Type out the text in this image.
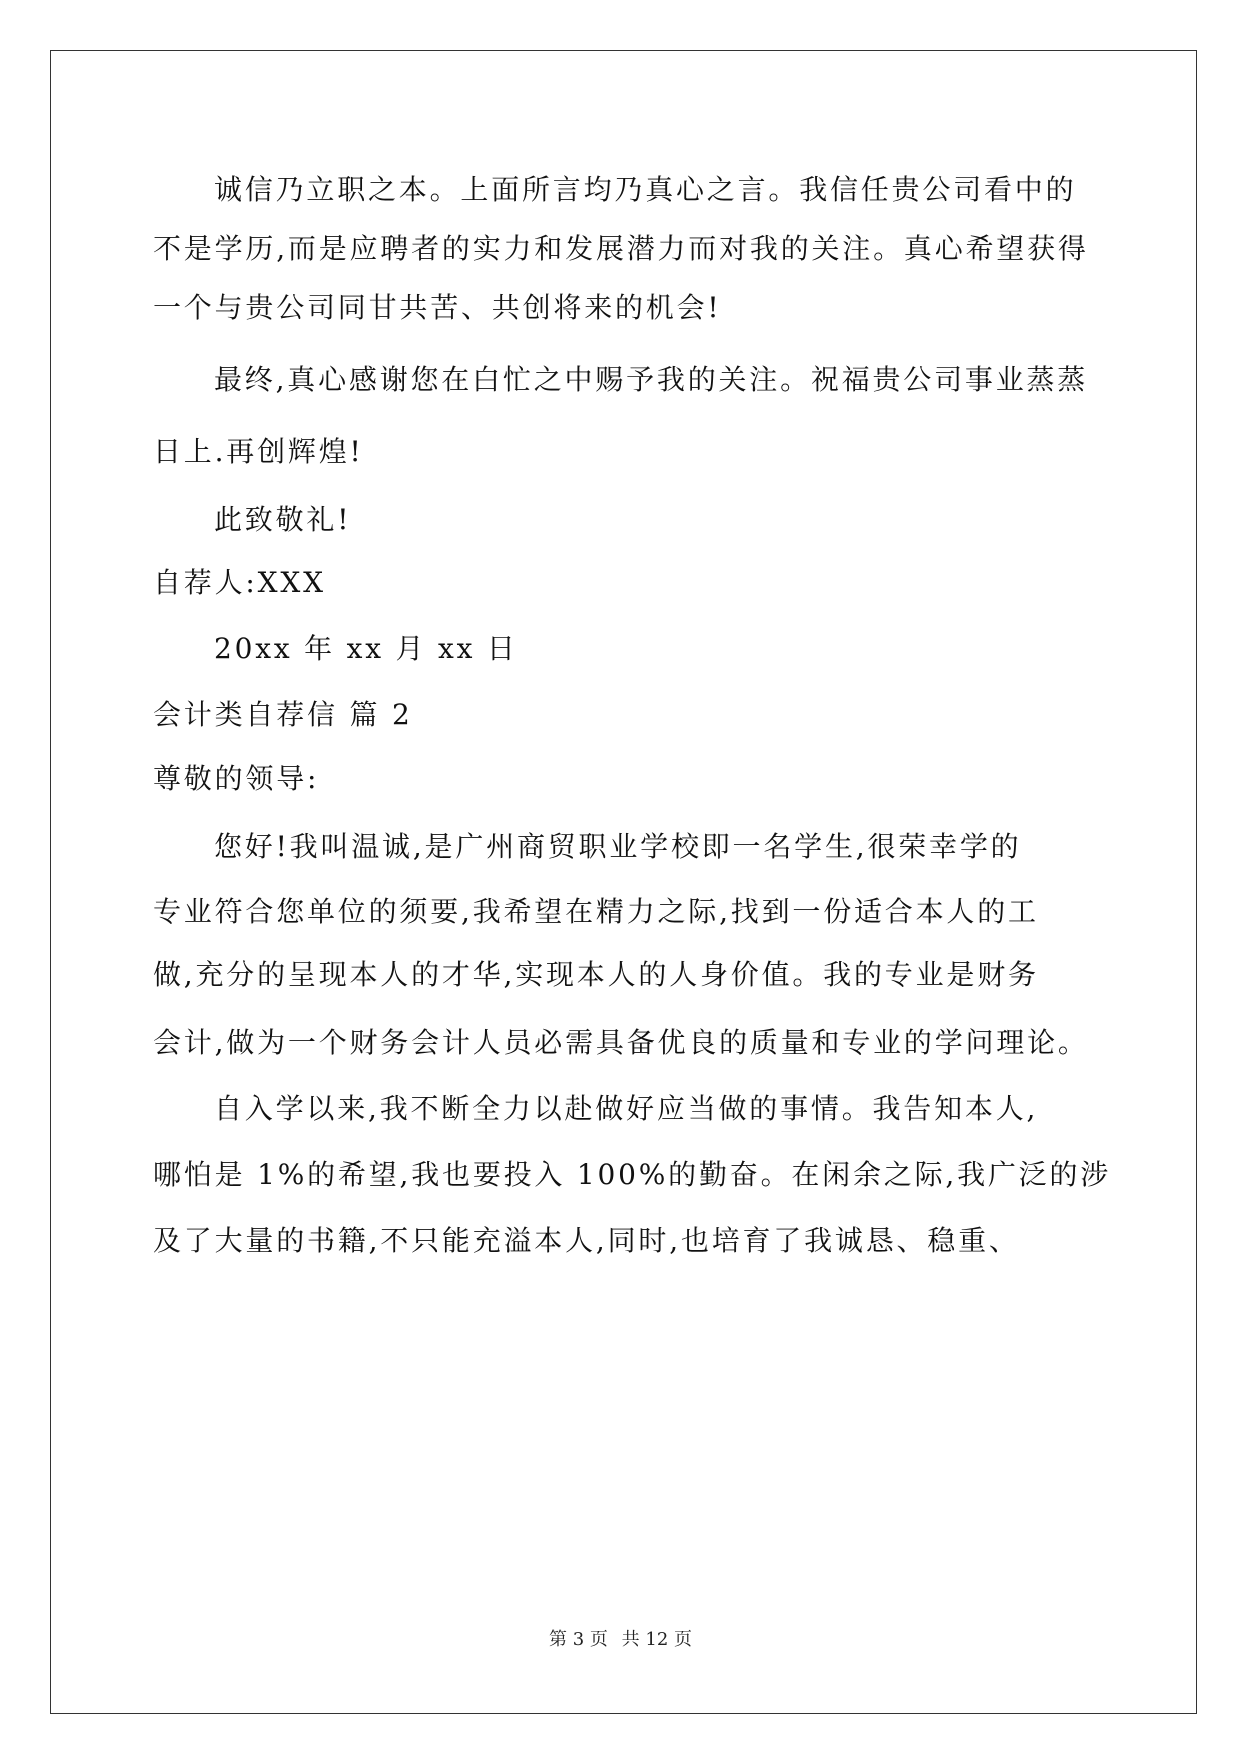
诚信乃立职之本。上面所言均乃真心之言。我信任贵公司看中的
不是学历,而是应聘者的实力和发展潜力而对我的关注。真心希望获得
一个与贵公司同甘共苦、共创将来的机会!
最终,真心感谢您在白忙之中赐予我的关注。祝福贵公司事业蒸蒸
日上.再创辉煌!
此致敬礼!
自荐人:XXX
20xx 年 xx 月 xx 日
会计类自荐信 篇 2
尊敬的领导:
您好!我叫温诚,是广州商贸职业学校即一名学生,很荣幸学的
专业符合您单位的须要,我希望在精力之际,找到一份适合本人的工
做,充分的呈现本人的才华,实现本人的人身价值。我的专业是财务
会计,做为一个财务会计人员必需具备优良的质量和专业的学问理论。
自入学以来,我不断全力以赴做好应当做的事情。我告知本人,
哪怕是 1%的希望,我也要投入 100%的勤奋。在闲余之际,我广泛的涉
及了大量的书籍,不只能充溢本人,同时,也培育了我诚恳、稳重、
第 3 页 共 12 页
